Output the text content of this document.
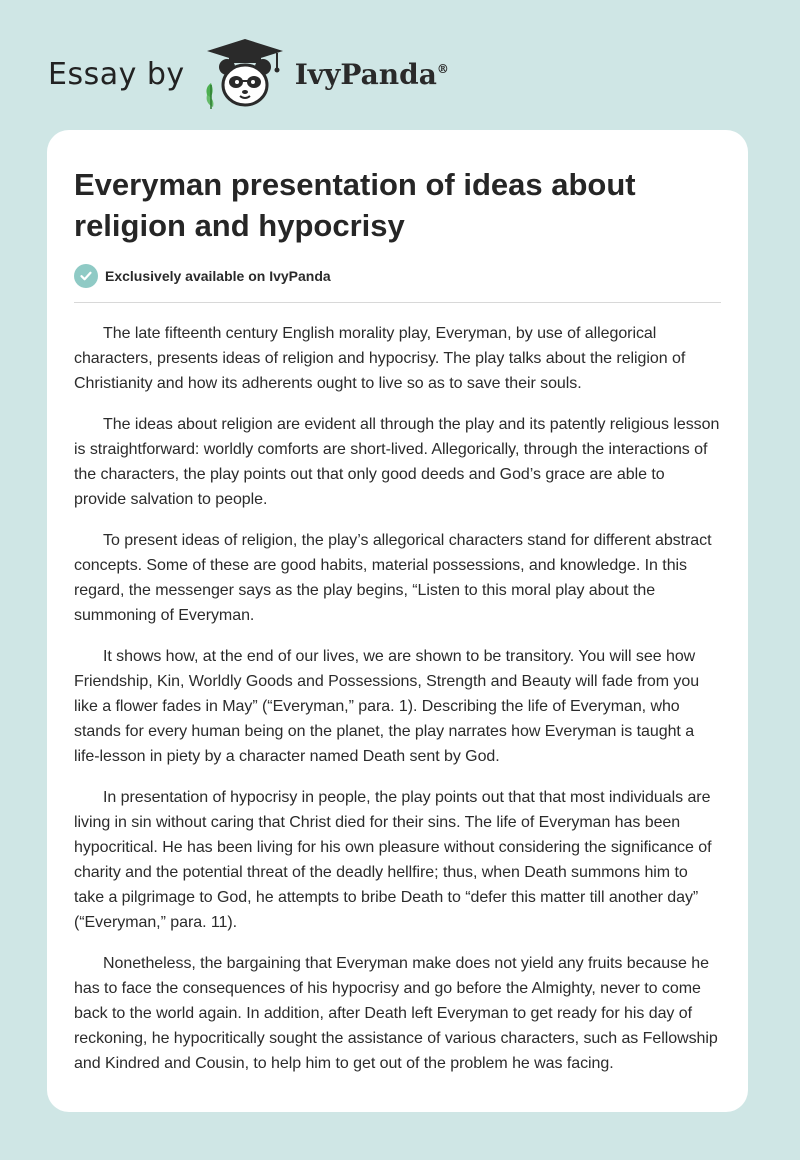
Essay by	IvyPanda®
Everyman presentation of ideas about religion and hypocrisy
Exclusively available on IvyPanda

The late fifteenth century English morality play, Everyman, by use of allegorical characters, presents ideas of religion and hypocrisy. The play talks about the religion of Christianity and how its adherents ought to live so as to save their souls.

The ideas about religion are evident all through the play and its patently religious lesson is straightforward: worldly comforts are short-lived. Allegorically, through the interactions of the characters, the play points out that only good deeds and God’s grace are able to provide salvation to people.

To present ideas of religion, the play’s allegorical characters stand for different abstract concepts. Some of these are good habits, material possessions, and knowledge. In this regard, the messenger says as the play begins, “Listen to this moral play about the summoning of Everyman.

It shows how, at the end of our lives, we are shown to be transitory. You will see how Friendship, Kin, Worldly Goods and Possessions, Strength and Beauty will fade from you like a flower fades in May” (“Everyman,” para. 1). Describing the life of Everyman, who stands for every human being on the planet, the play narrates how Everyman is taught a life-lesson in piety by a character named Death sent by God.

In presentation of hypocrisy in people, the play points out that that most individuals are living in sin without caring that Christ died for their sins. The life of Everyman has been hypocritical. He has been living for his own pleasure without considering the significance of charity and the potential threat of the deadly hellfire; thus, when Death summons him to take a pilgrimage to God, he attempts to bribe Death to “defer this matter till another day” (“Everyman,” para. 11).

Nonetheless, the bargaining that Everyman make does not yield any fruits because he has to face the consequences of his hypocrisy and go before the Almighty, never to come back to the world again. In addition, after Death left Everyman to get ready for his day of reckoning, he hypocritically sought the assistance of various characters, such as Fellowship and Kindred and Cousin, to help him to get out of the problem he was facing.
